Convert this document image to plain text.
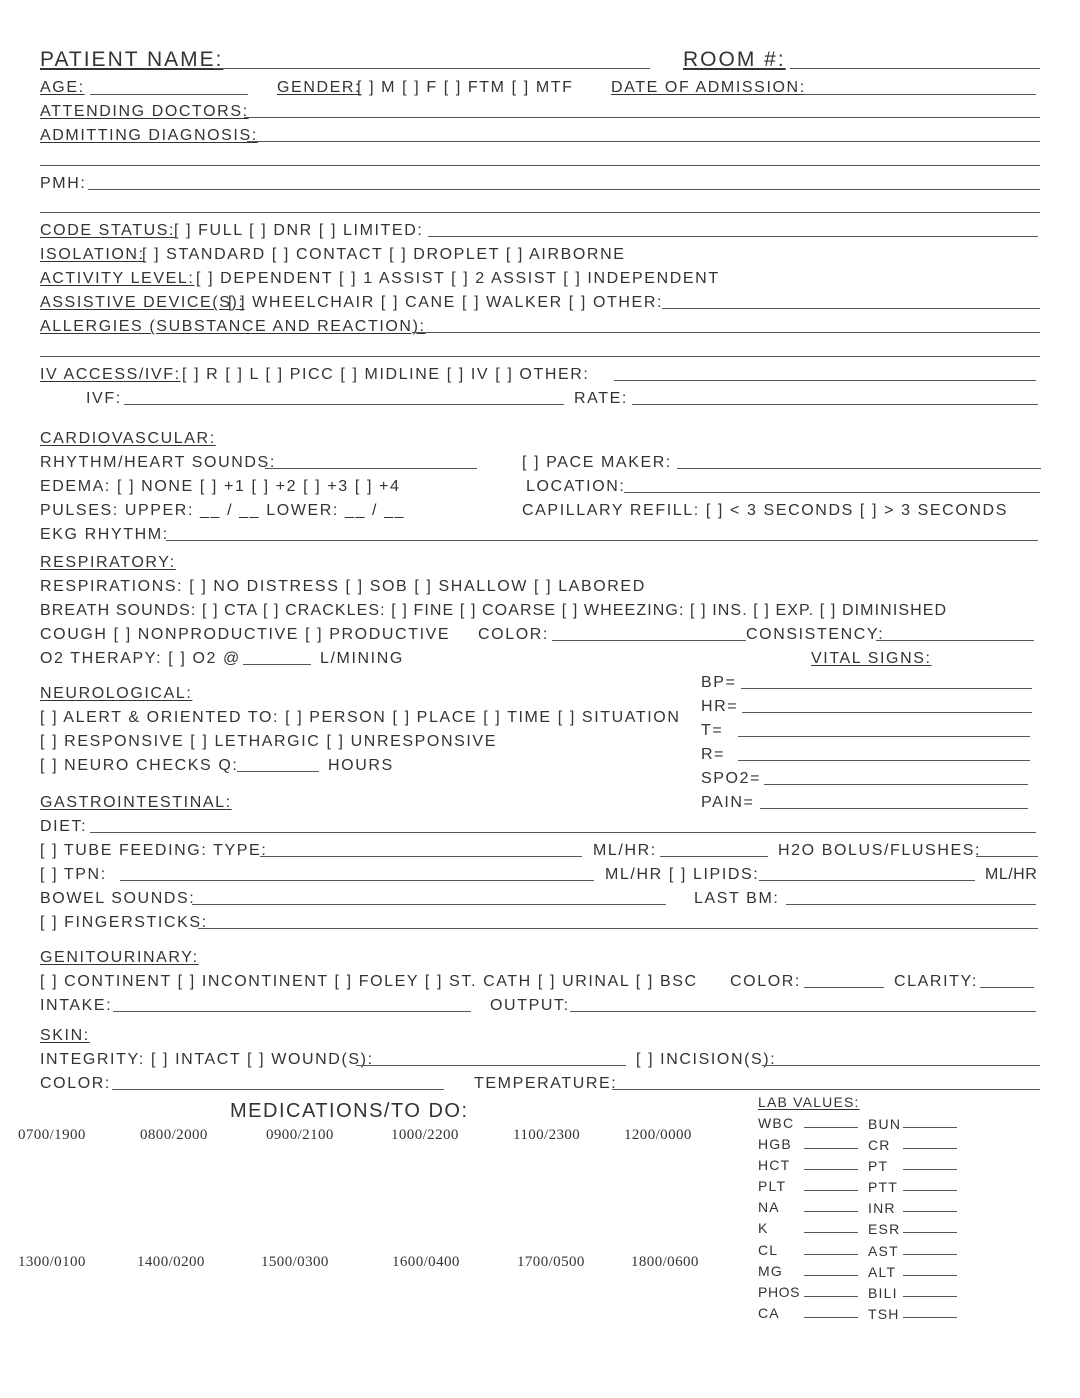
PATIENT NAME:	ROOM #:
AGE:	GENDER:
[ ] M [ ] F [ ] FTM [ ] MTF DATE OF ADMISSION:
ATTENDING DOCTORS:
ADMITTING DIAGNOSIS:
PMH:
CODE STATUS:
[ ] FULL [ ] DNR [ ] LIMITED:
ISOLATION:
[ ] STANDARD [ ] CONTACT [ ] DROPLET [ ] AIRBORNE
ACTIVITY LEVEL: [ ] DEPENDENT [ ] 1 ASSIST [ ] 2 ASSIST [ ] INDEPENDENT
ASSISTIVE DEVICE(S):
[ ] WHEELCHAIR [ ] CANE [ ] WALKER [ ] OTHER:
ALLERGIES (SUBSTANCE AND REACTION):
IV ACCESS/IVF: [ ] R [ ] L [ ] PICC [ ] MIDLINE [ ] IV [ ] OTHER:
IVF:	RATE:
CARDIOVASCULAR:
RHYTHM/HEART SOUNDS:	[ ] PACE MAKER:
EDEMA: [ ] NONE [ ] +1 [ ] +2 [ ] +3 [ ] +4	LOCATION:
PULSES: UPPER: __ / __ LOWER: __ / __	CAPILLARY REFILL: [ ] < 3 SECONDS [ ] > 3 SECONDS
EKG RHYTHM:
RESPIRATORY:
RESPIRATIONS: [ ] NO DISTRESS [ ] SOB [ ] SHALLOW [ ] LABORED
BREATH SOUNDS: [ ] CTA [ ] CRACKLES: [ ] FINE [ ] COARSE [ ] WHEEZING: [ ] INS. [ ] EXP. [ ] DIMINISHED
COUGH [ ] NONPRODUCTIVE [ ] PRODUCTIVE COLOR:	CONSISTENCY:
O2 THERAPY: [ ] O2 @	L/MINING	VITAL SIGNS:
BP=
HR=
T=
R=
SPO2=
PAIN=
NEUROLOGICAL:
[ ] ALERT & ORIENTED TO: [ ] PERSON [ ] PLACE [ ] TIME [ ] SITUATION
[ ] RESPONSIVE [ ] LETHARGIC [ ] UNRESPONSIVE
[ ] NEURO CHECKS Q:	HOURS
GASTROINTESTINAL:
DIET:
[ ] TUBE FEEDING: TYPE:	ML/HR:	H2O BOLUS/FLUSHES:
[ ] TPN:	ML/HR [ ] LIPIDS:	ML/HR
BOWEL SOUNDS:	LAST BM:
[ ] FINGERSTICKS:
GENITOURINARY:
[ ] CONTINENT [ ] INCONTINENT [ ] FOLEY [ ] ST. CATH [ ] URINAL [ ] BSC COLOR:	CLARITY:
INTAKE:	OUTPUT:
SKIN:
INTEGRITY: [ ] INTACT [ ] WOUND(S):	[ ] INCISION(S):
COLOR:	TEMPERATURE:
MEDICATIONS/TO DO:
0700/1900	0800/2000	0900/2100	1000/2200	1100/2300	1200/0000
1300/0100	1400/0200	1500/0300	1600/0400	1700/0500	1800/0600
LAB VALUES:
WBC	BUN
HGB	CR
HCT	PT
PLT	PTT
NA	INR
K	ESR
CL	AST
MG	ALT
PHOS	BILI
CA	TSH
